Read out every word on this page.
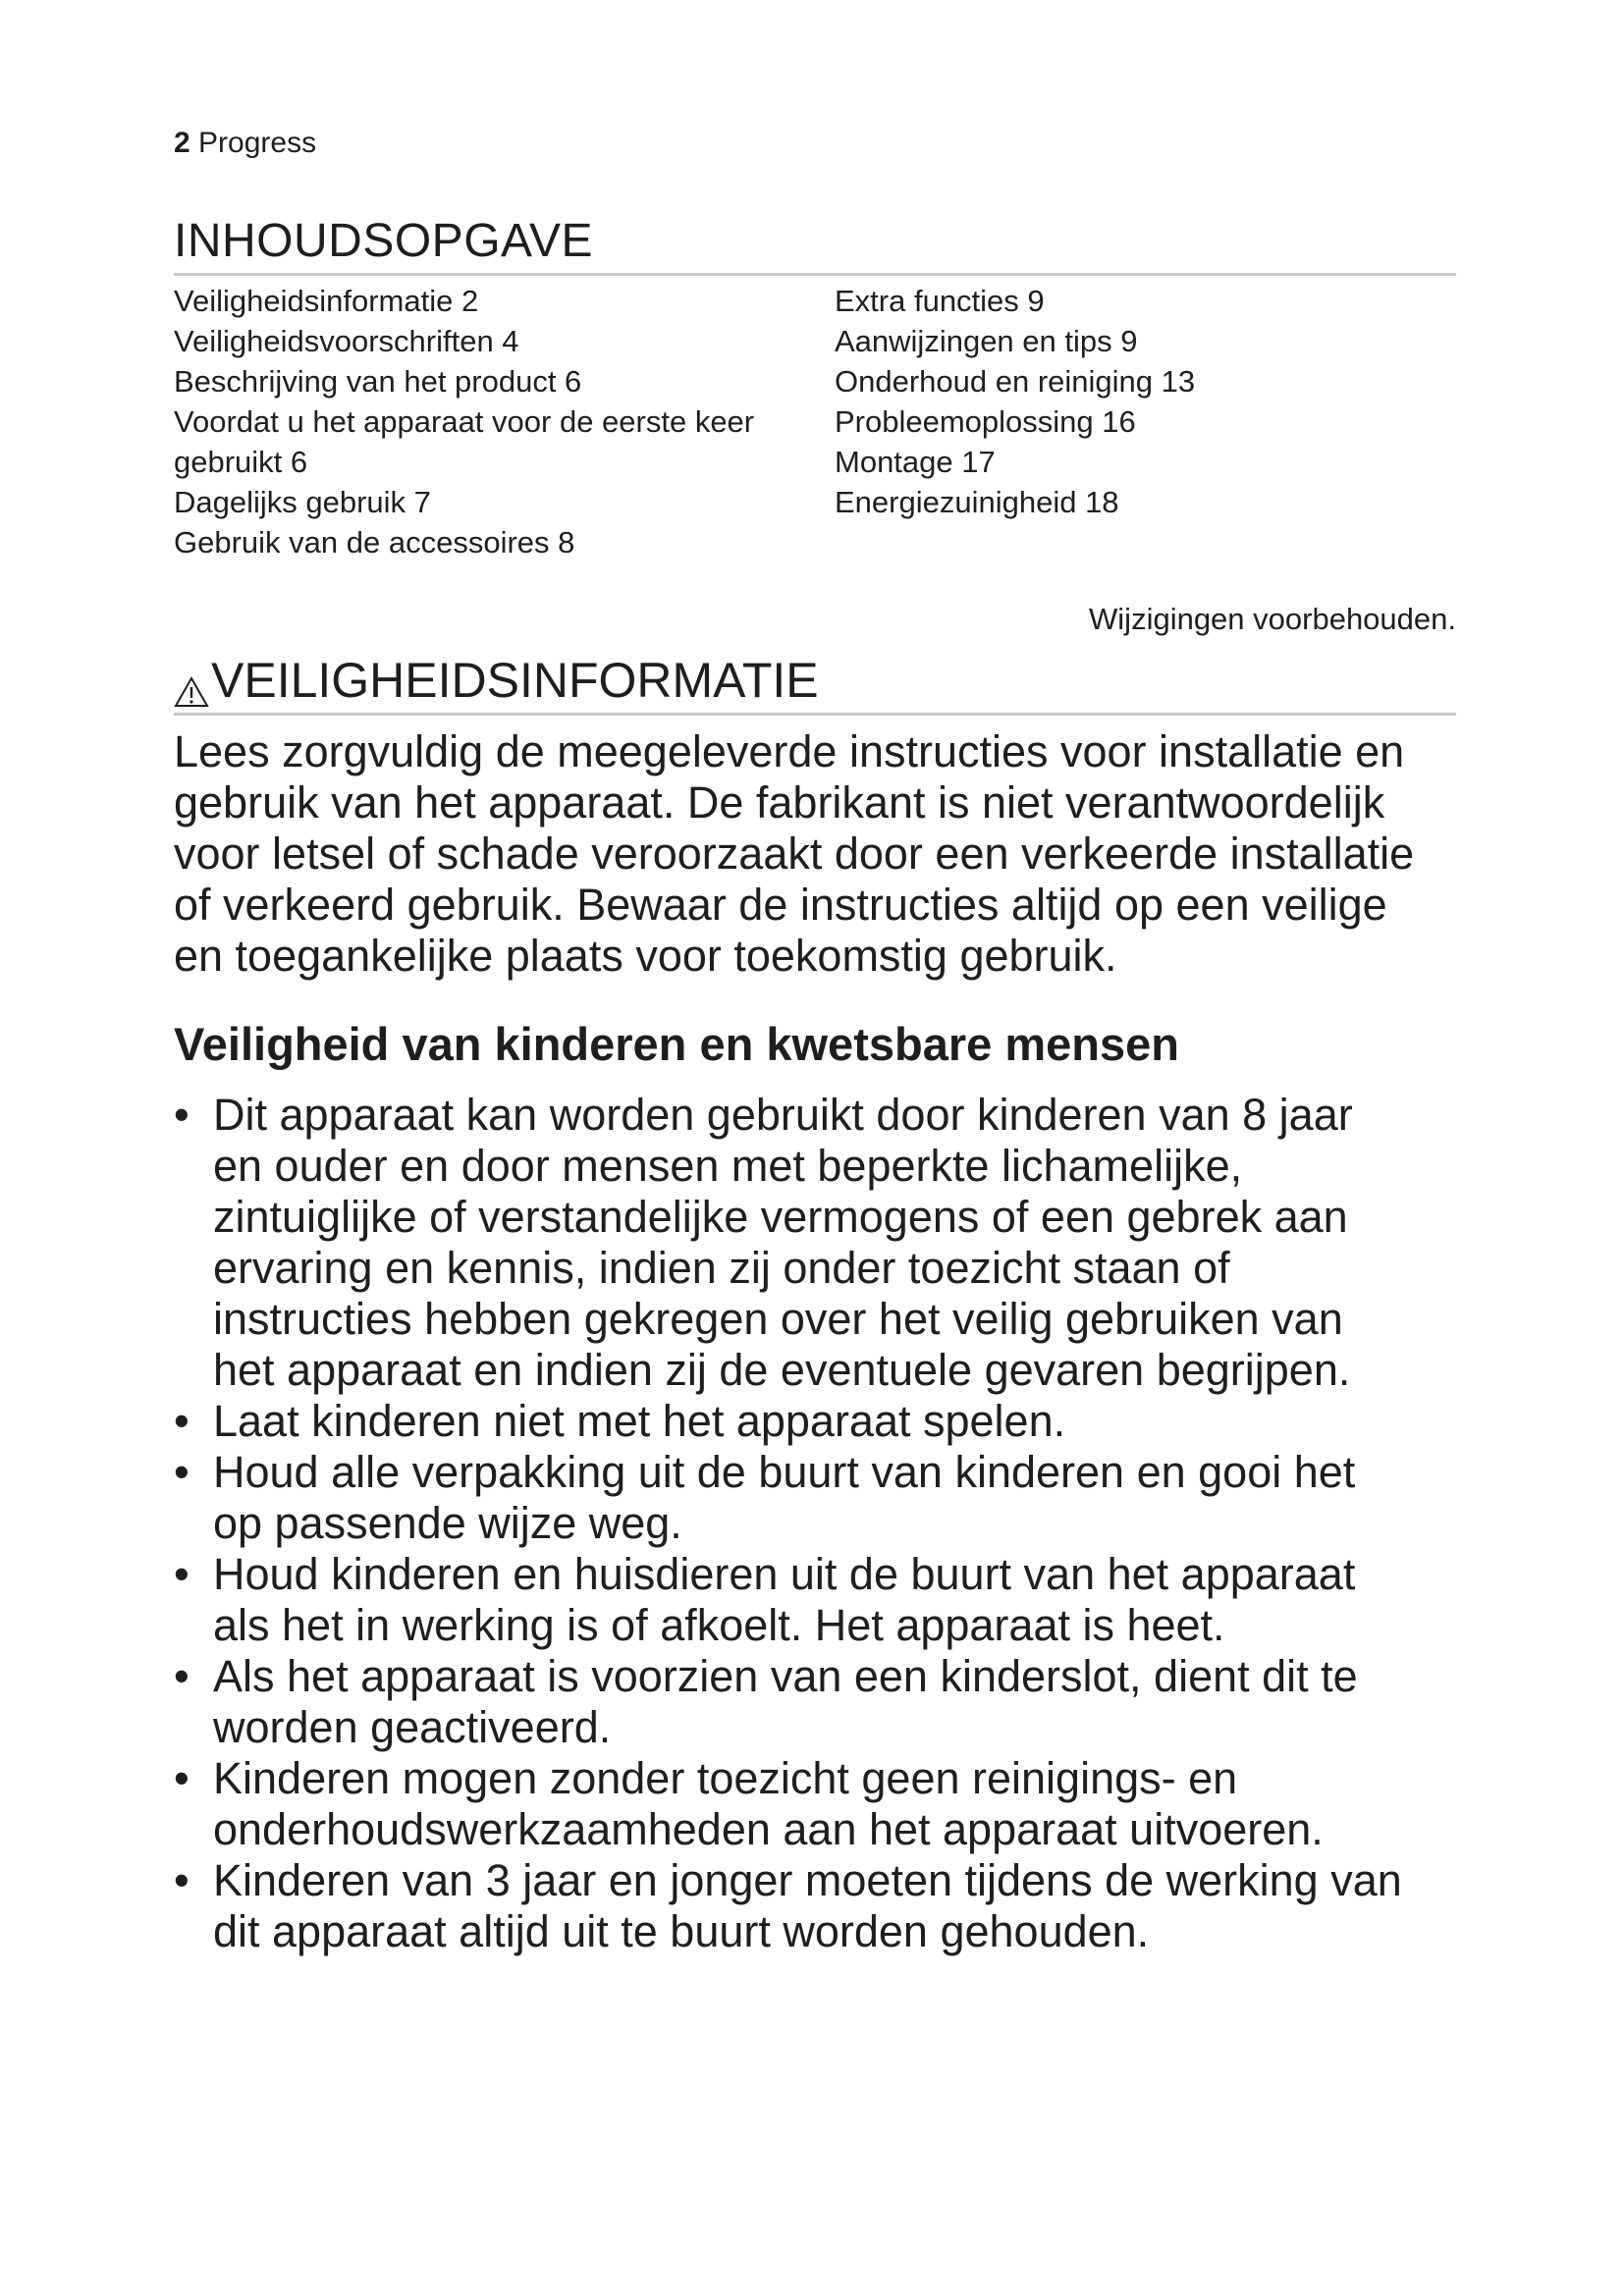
2 Progress
INHOUDSOPGAVE
Veiligheidsinformatie 2
Veiligheidsvoorschriften 4
Beschrijving van het product 6
Voordat u het apparaat voor de eerste keer
gebruikt 6
Dagelijks gebruik 7
Gebruik van de accessoires 8
Extra functies 9
Aanwijzingen en tips 9
Onderhoud en reiniging 13
Probleemoplossing 16
Montage 17
Energiezuinigheid 18
Wijzigingen voorbehouden.
VEILIGHEIDSINFORMATIE
Lees zorgvuldig de meegeleverde instructies voor installatie en
gebruik van het apparaat. De fabrikant is niet verantwoordelijk
voor letsel of schade veroorzaakt door een verkeerde installatie
of verkeerd gebruik. Bewaar de instructies altijd op een veilige
en toegankelijke plaats voor toekomstig gebruik.
Veiligheid van kinderen en kwetsbare mensen
• Dit apparaat kan worden gebruikt door kinderen van 8 jaar
en ouder en door mensen met beperkte lichamelijke,
zintuiglijke of verstandelijke vermogens of een gebrek aan
ervaring en kennis, indien zij onder toezicht staan of
instructies hebben gekregen over het veilig gebruiken van
het apparaat en indien zij de eventuele gevaren begrijpen.
• Laat kinderen niet met het apparaat spelen.
• Houd alle verpakking uit de buurt van kinderen en gooi het
op passende wijze weg.
• Houd kinderen en huisdieren uit de buurt van het apparaat
als het in werking is of afkoelt. Het apparaat is heet.
• Als het apparaat is voorzien van een kinderslot, dient dit te
worden geactiveerd.
• Kinderen mogen zonder toezicht geen reinigings- en
onderhoudswerkzaamheden aan het apparaat uitvoeren.
• Kinderen van 3 jaar en jonger moeten tijdens de werking van
dit apparaat altijd uit te buurt worden gehouden.
